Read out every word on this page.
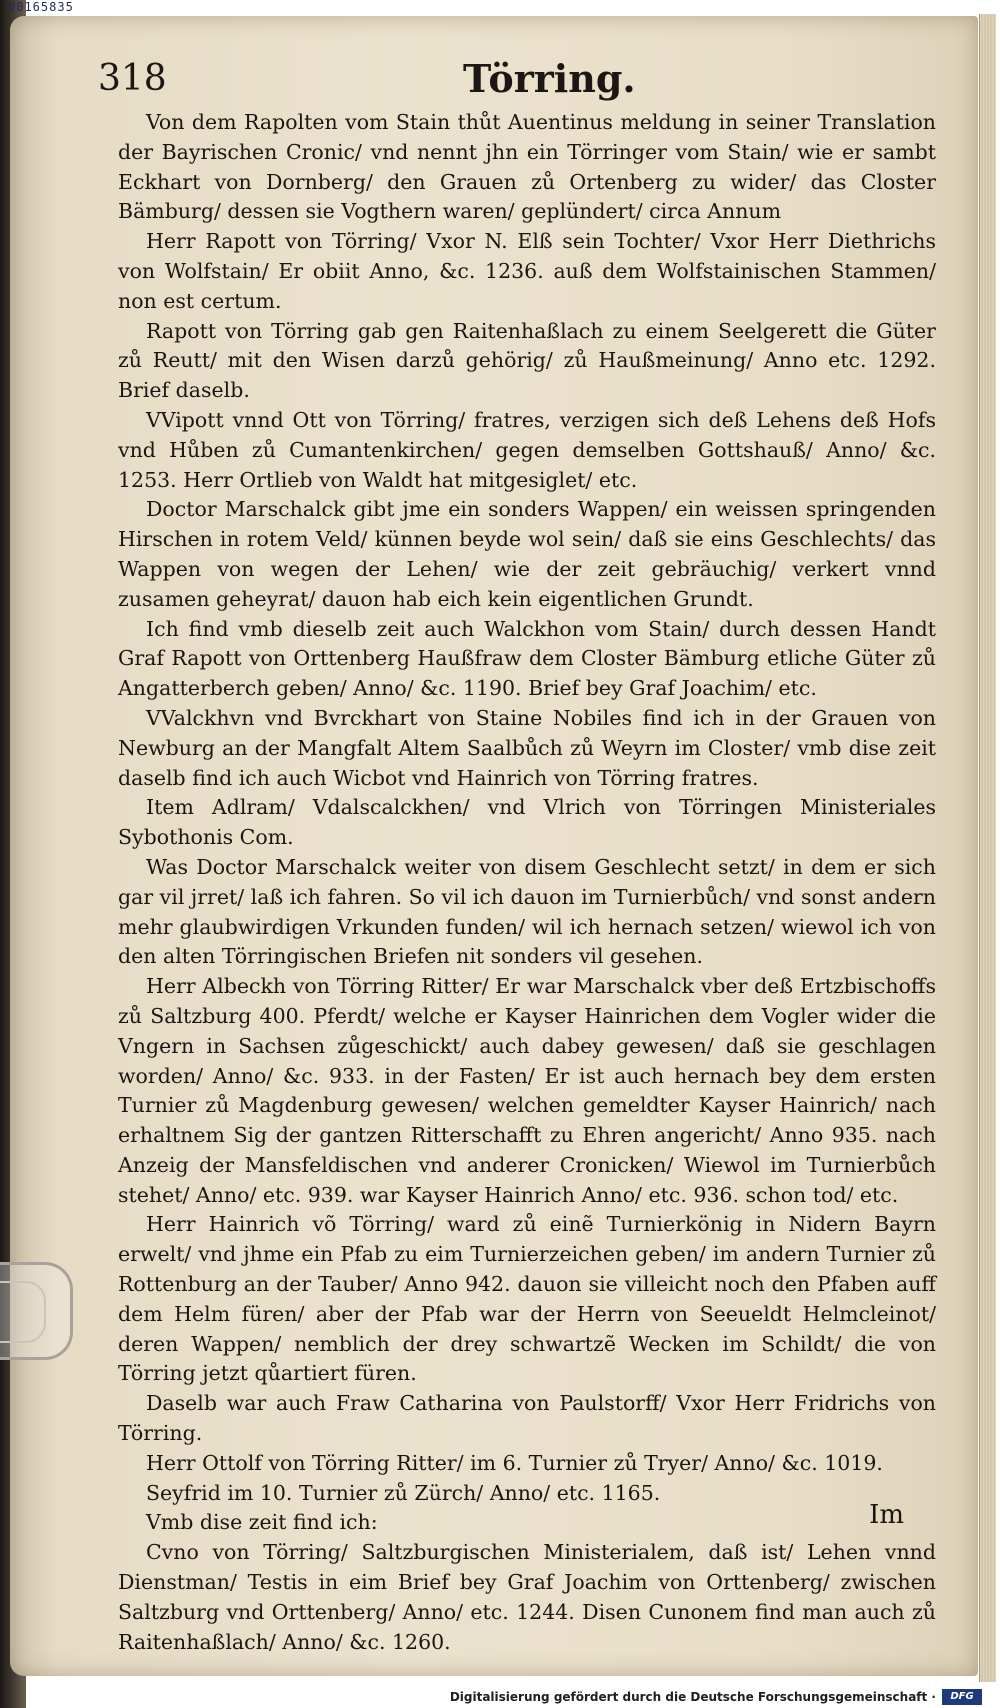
00165835
318	Törring.

Von dem Rapolten vom Stain thůt Auentinus meldung in seiner Translation der Bayrischen Cronic/ vnd nennt jhn ein Törringer vom Stain/ wie er sambt Eckhart von Dornberg/ den Grauen zů Ortenberg zu wider/ das Closter Bämburg/ dessen sie Vogthern waren/ geplündert/ circa Annum

Herr Rapott von Törring/ Vxor N. Elß sein Tochter/ Vxor Herr Diethrichs von Wolfstain/ Er obiit Anno, &c. 1236. auß dem Wolfstainischen Stammen/ non est certum.

Rapott von Törring gab gen Raitenhaßlach zu einem Seelgerett die Güter zů Reutt/ mit den Wisen darzů gehörig/ zů Haußmeinung/ Anno etc. 1292. Brief daselb.

VVipott vnnd Ott von Törring/ fratres, verzigen sich deß Lehens deß Hofs vnd Hůben zů Cumantenkirchen/ gegen demselben Gottshauß/ Anno/ &c. 1253. Herr Ortlieb von Waldt hat mitgesiglet/ etc.

Doctor Marschalck gibt jme ein sonders Wappen/ ein weissen springenden Hirschen in rotem Veld/ künnen beyde wol sein/ daß sie eins Geschlechts/ das Wappen von wegen der Lehen/ wie der zeit gebräuchig/ verkert vnnd zusamen geheyrat/ dauon hab eich kein eigentlichen Grundt.

Ich find vmb dieselb zeit auch Walckhon vom Stain/ durch dessen Handt Graf Rapott von Orttenberg Haußfraw dem Closter Bämburg etliche Güter zů Angatterberch geben/ Anno/ &c. 1190. Brief bey Graf Joachim/ etc.

VValckhvn vnd Bvrckhart von Staine Nobiles find ich in der Grauen von Newburg an der Mangfalt Altem Saalbůch zů Weyrn im Closter/ vmb dise zeit daselb find ich auch Wicbot vnd Hainrich von Törring fratres.

Item Adlram/ Vdalscalckhen/ vnd Vlrich von Törringen Ministeriales Sybothonis Com.

Was Doctor Marschalck weiter von disem Geschlecht setzt/ in dem er sich gar vil jrret/ laß ich fahren. So vil ich dauon im Turnierbůch/ vnd sonst andern mehr glaubwirdigen Vrkunden funden/ wil ich hernach setzen/ wiewol ich von den alten Törringischen Briefen nit sonders vil gesehen.

Herr Albeckh von Törring Ritter/ Er war Marschalck vber deß Ertzbischoffs zů Saltzburg 400. Pferdt/ welche er Kayser Hainrichen dem Vogler wider die Vngern in Sachsen zůgeschickt/ auch dabey gewesen/ daß sie geschlagen worden/ Anno/ &c. 933. in der Fasten/ Er ist auch hernach bey dem ersten Turnier zů Magdenburg gewesen/ welchen gemeldter Kayser Hainrich/ nach erhaltnem Sig der gantzen Ritterschafft zu Ehren angericht/ Anno 935. nach Anzeig der Mansfeldischen vnd anderer Cronicken/ Wiewol im Turnierbůch stehet/ Anno/ etc. 939. war Kayser Hainrich Anno/ etc. 936. schon tod/ etc.

Herr Hainrich võ Törring/ ward zů einẽ Turnierkönig in Nidern Bayrn erwelt/ vnd jhme ein Pfab zu eim Turnierzeichen geben/ im andern Turnier zů Rottenburg an der Tauber/ Anno 942. dauon sie villeicht noch den Pfaben auff dem Helm füren/ aber der Pfab war der Herrn von Seeueldt Helmcleinot/ deren Wappen/ nemblich der drey schwartzẽ Wecken im Schildt/ die von Törring jetzt qůartiert füren.

Daselb war auch Fraw Catharina von Paulstorff/ Vxor Herr Fridrichs von Törring.

Herr Ottolf von Törring Ritter/ im 6. Turnier zů Tryer/ Anno/ &c. 1019.

Seyfrid im 10. Turnier zů Zürch/ Anno/ etc. 1165.

Vmb dise zeit find ich:

Cvno von Törring/ Saltzburgischen Ministerialem, daß ist/ Lehen vnnd Dienstman/ Testis in eim Brief bey Graf Joachim von Orttenberg/ zwischen Saltzburg vnd Orttenberg/ Anno/ etc. 1244. Disen Cunonem find man auch zů Raitenhaßlach/ Anno/ &c. 1260.

Im
Digitalisierung gefördert durch die Deutsche Forschungsgemeinschaft ·	DFG
